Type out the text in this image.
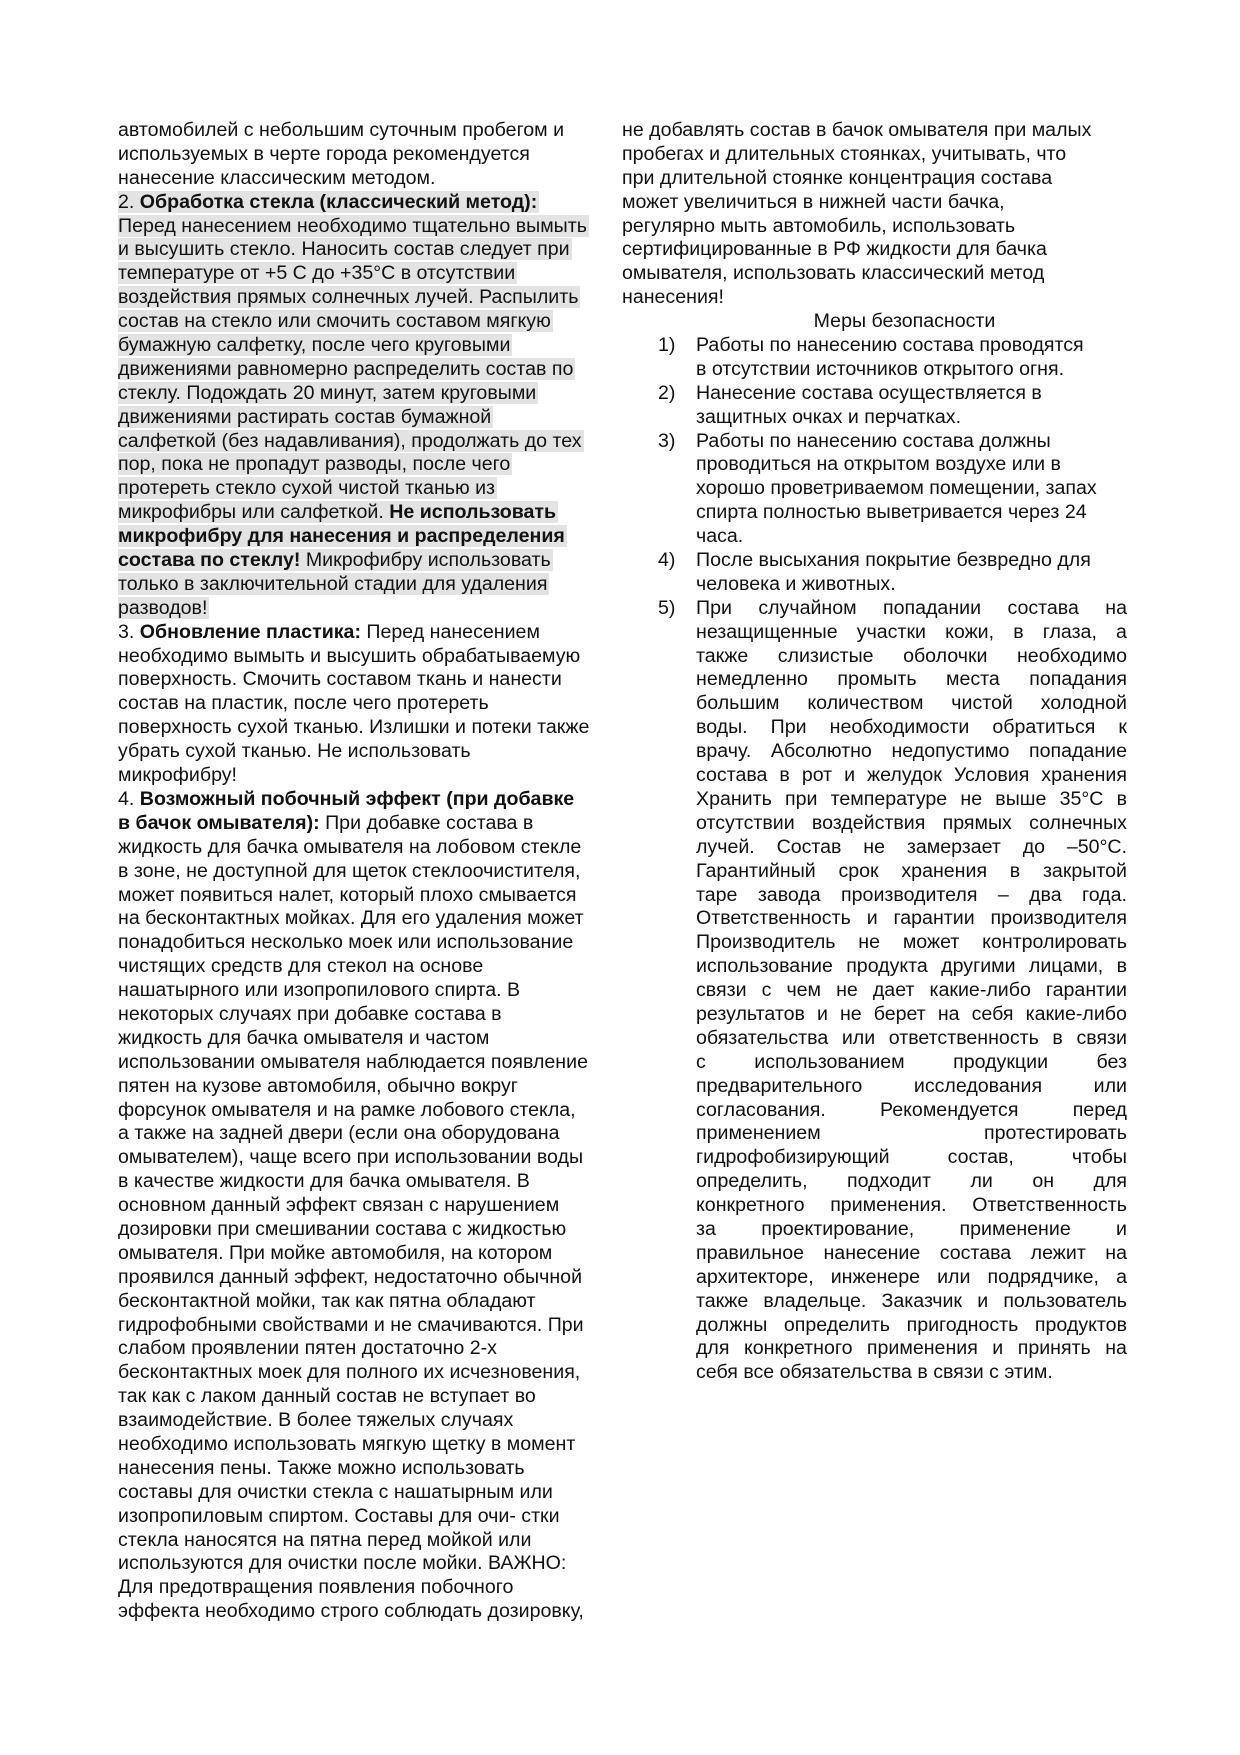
автомобилей с небольшим суточным пробегом и
используемых в черте города рекомендуется
нанесение классическим методом.
2. Обработка стекла (классический метод):
Перед нанесением необходимо тщательно вымыть
и высушить стекло. Наносить состав следует при
температуре от +5 С до +35°С в отсутствии
воздействия прямых солнечных лучей. Распылить
состав на стекло или смочить составом мягкую
бумажную салфетку, после чего круговыми
движениями равномерно распределить состав по
стеклу. Подождать 20 минут, затем круговыми
движениями растирать состав бумажной
салфеткой (без надавливания), продолжать до тех
пор, пока не пропадут разводы, после чего
протереть стекло сухой чистой тканью из
микрофибры или салфеткой. Не использовать
микрофибру для нанесения и распределения
состава по стеклу! Микрофибру использовать
только в заключительной стадии для удаления
разводов!
3. Обновление пластика: Перед нанесением
необходимо вымыть и высушить обрабатываемую
поверхность. Смочить составом ткань и нанести
состав на пластик, после чего протереть
поверхность сухой тканью. Излишки и потеки также
убрать сухой тканью. Не использовать
микрофибру!
4. Возможный побочный эффект (при добавке
в бачок омывателя): При добавке состава в
жидкость для бачка омывателя на лобовом стекле
в зоне, не доступной для щеток стеклоочистителя,
может появиться налет, который плохо смывается
на бесконтактных мойках. Для его удаления может
понадобиться несколько моек или использование
чистящих средств для стекол на основе
нашатырного или изопропилового спирта. В
некоторых случаях при добавке состава в
жидкость для бачка омывателя и частом
использовании омывателя наблюдается появление
пятен на кузове автомобиля, обычно вокруг
форсунок омывателя и на рамке лобового стекла,
а также на задней двери (если она оборудована
омывателем), чаще всего при использовании воды
в качестве жидкости для бачка омывателя. В
основном данный эффект связан с нарушением
дозировки при смешивании состава с жидкостью
омывателя. При мойке автомобиля, на котором
проявился данный эффект, недостаточно обычной
бесконтактной мойки, так как пятна обладают
гидрофобными свойствами и не смачиваются. При
слабом проявлении пятен достаточно 2-х
бесконтактных моек для полного их исчезновения,
так как с лаком данный состав не вступает во
взаимодействие. В более тяжелых случаях
необходимо использовать мягкую щетку в момент
нанесения пены. Также можно использовать
составы для очистки стекла с нашатырным или
изопропиловым спиртом. Составы для очи- стки
стекла наносятся на пятна перед мойкой или
используются для очистки после мойки. ВАЖНО:
Для предотвращения появления побочного
эффекта необходимо строго соблюдать дозировку,
не добавлять состав в бачок омывателя при малых
пробегах и длительных стоянках, учитывать, что
при длительной стоянке концентрация состава
может увеличиться в нижней части бачка,
регулярно мыть автомобиль, использовать
сертифицированные в РФ жидкости для бачка
омывателя, использовать классический метод
нанесения!
Меры безопасности
1) Работы по нанесению состава проводятся
в отсутствии источников открытого огня.
2) Нанесение состава осуществляется в
защитных очках и перчатках.
3) Работы по нанесению состава должны
проводиться на открытом воздухе или в
хорошо проветриваемом помещении, запах
спирта полностью выветривается через 24
часа.
4) После высыхания покрытие безвредно для
человека и животных.
5) При случайном попадании состава на
незащищенные участки кожи, в глаза, а
также слизистые оболочки необходимо
немедленно промыть места попадания
большим количеством чистой холодной
воды. При необходимости обратиться к
врачу. Абсолютно недопустимо попадание
состава в рот и желудок Условия хранения
Хранить при температуре не выше 35°С в
отсутствии воздействия прямых солнечных
лучей. Состав не замерзает до –50°С.
Гарантийный срок хранения в закрытой
таре завода производителя – два года.
Ответственность и гарантии производителя
Производитель не может контролировать
использование продукта другими лицами, в
связи с чем не дает какие-либо гарантии
результатов и не берет на себя какие-либо
обязательства или ответственность в связи
с использованием продукции без
предварительного	исследования	или
согласования.	Рекомендуется	перед
применением	протестировать
гидрофобизирующий	состав,	чтобы
определить, подходит ли он для
конкретного применения. Ответственность
за проектирование, применение и
правильное нанесение состава лежит на
архитекторе, инженере или подрядчике, а
также владельце. Заказчик и пользователь
должны определить пригодность продуктов
для конкретного применения и принять на
себя все обязательства в связи с этим.
